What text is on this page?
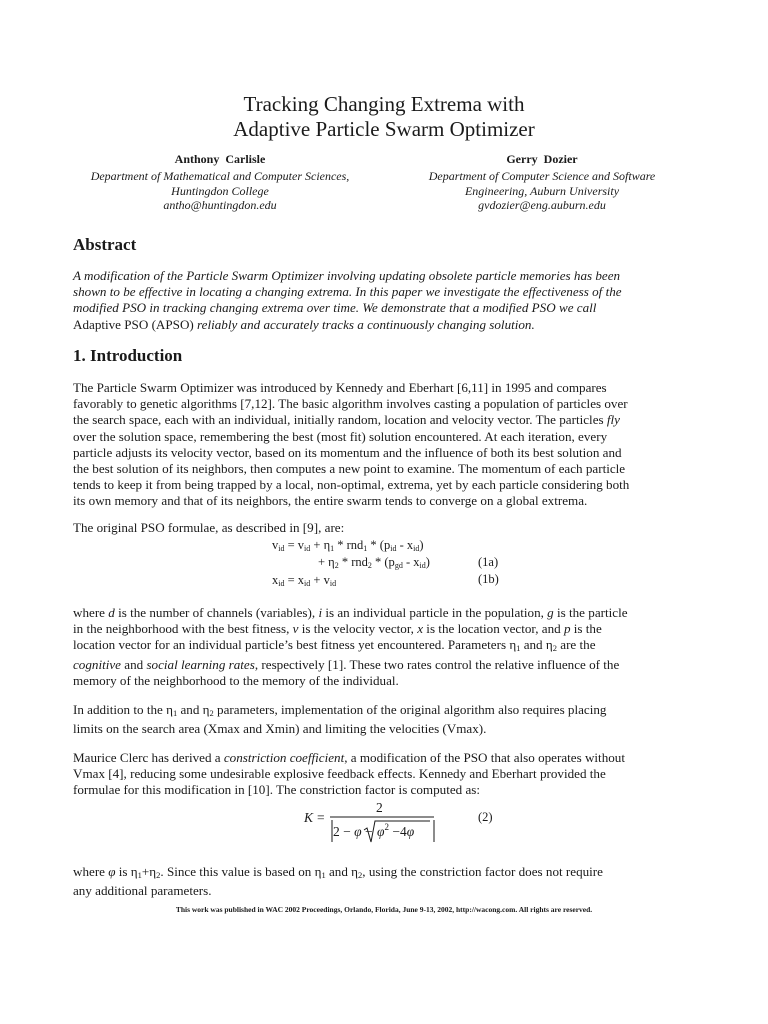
Tracking Changing Extrema with
Adaptive Particle Swarm Optimizer
Anthony Carlisle
Department of Mathematical and Computer Sciences,
Huntingdon College
antho@huntingdon.edu
Gerry Dozier
Department of Computer Science and Software
Engineering, Auburn University
gvdozier@eng.auburn.edu
Abstract
A modification of the Particle Swarm Optimizer involving updating obsolete particle memories has been
shown to be effective in locating a changing extrema. In this paper we investigate the effectiveness of the
modified PSO in tracking changing extrema over time. We demonstrate that a modified PSO we call
Adaptive PSO (APSO) reliably and accurately tracks a continuously changing solution.
1. Introduction
The Particle Swarm Optimizer was introduced by Kennedy and Eberhart [6,11] in 1995 and compares
favorably to genetic algorithms [7,12]. The basic algorithm involves casting a population of particles over
the search space, each with an individual, initially random, location and velocity vector. The particles fly
over the solution space, remembering the best (most fit) solution encountered. At each iteration, every
particle adjusts its velocity vector, based on its momentum and the influence of both its best solution and
the best solution of its neighbors, then computes a new point to examine. The momentum of each particle
tends to keep it from being trapped by a local, non-optimal, extrema, yet by each particle considering both
its own memory and that of its neighbors, the entire swarm tends to converge on a global extrema.
The original PSO formulae, as described in [9], are:
$v_{id} = v_{id} + \eta_1 * rnd_1 * (p_{id} - x_{id})$
+ $\eta_2 * rnd_2 * (p_{gd} - x_{id})$	(1a)
$x_{id} = x_{id} + v_{id}$	(1b)
where d is the number of channels (variables), i is an individual particle in the population, g is the particle
in the neighborhood with the best fitness, v is the velocity vector, x is the location vector, and p is the
location vector for an individual particle’s best fitness yet encountered. Parameters $\eta_1$ and $\eta_2$ are the
cognitive and social learning rates, respectively [1]. These two rates control the relative influence of the
memory of the neighborhood to the memory of the individual.
In addition to the $\eta_1$ and $\eta_2$ parameters, implementation of the original algorithm also requires placing
limits on the search area (Xmax and Xmin) and limiting the velocities (Vmax).
Maurice Clerc has derived a constriction coefficient, a modification of the PSO that also operates without
Vmax [4], reducing some undesirable explosive feedback effects. Kennedy and Eberhart provided the
formulae for this modification in [10]. The constriction factor is computed as:
K =
2
$2 - \varphi - \varphi^2 -4\varphi$
(2)
where φ is $\eta_1+\eta_2$. Since this value is based on $\eta_1$ and $\eta_2$, using the constriction factor does not require
any additional parameters.
This work was published in WAC 2002 Proceedings, Orlando, Florida, June 9-13, 2002, http://wacong.com. All rights are reserved.
